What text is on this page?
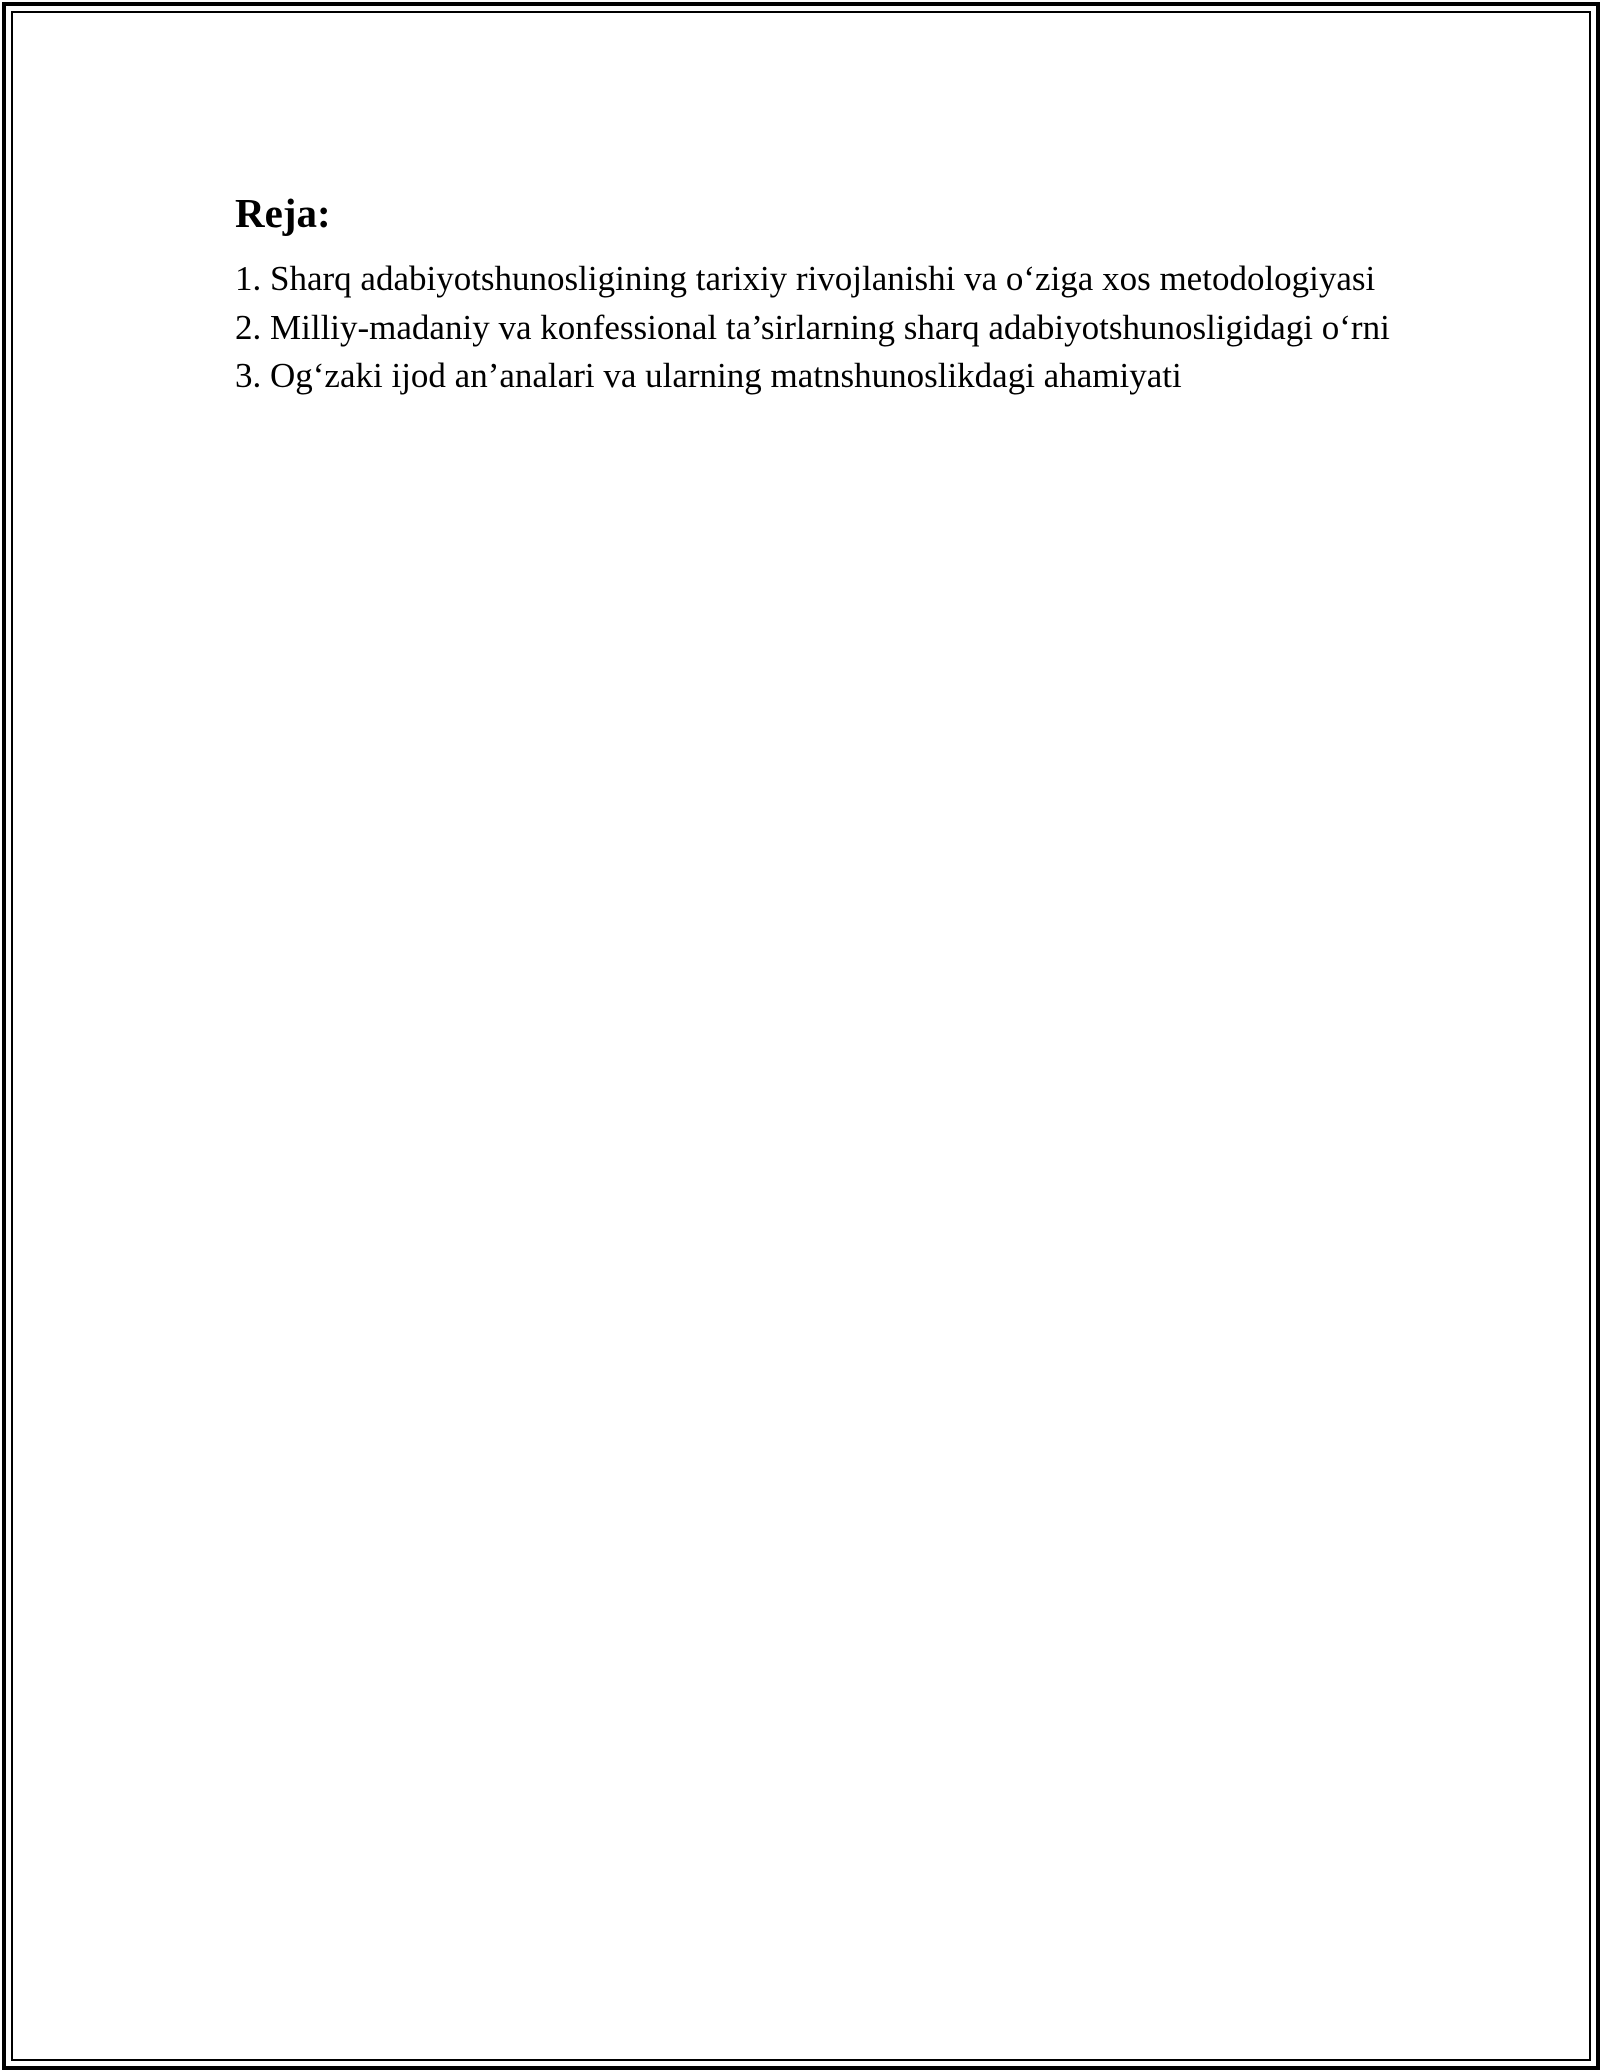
Reja:

1. Sharq adabiyotshunosligining tarixiy rivojlanishi va o‘ziga xos metodologiyasi

2. Milliy-madaniy va konfessional ta’sirlarning sharq adabiyotshunosligidagi o‘rni

3. Og‘zaki ijod an’analari va ularning matnshunoslikdagi ahamiyati
